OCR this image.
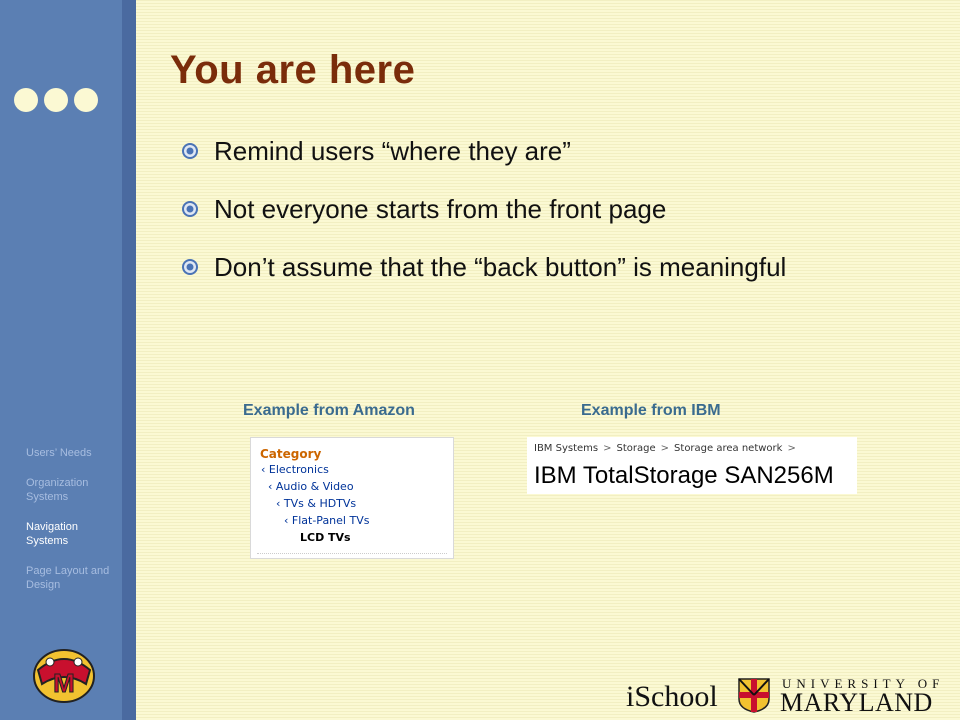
Users’ Needs
Organization Systems
Navigation Systems
Page Layout and Design
M
You are here
Remind users “where they are”
Not everyone starts from the front page
Don’t assume that the “back button” is meaningful
Example from Amazon	Example from IBM
Category
‹ Electronics
‹ Audio & Video
‹ TVs & HDTVs
‹ Flat-Panel TVs
LCD TVs
IBM Systems > Storage > Storage area network >
IBM TotalStorage SAN256M
iSchool	UNIVERSITY OF
MARYLAND
